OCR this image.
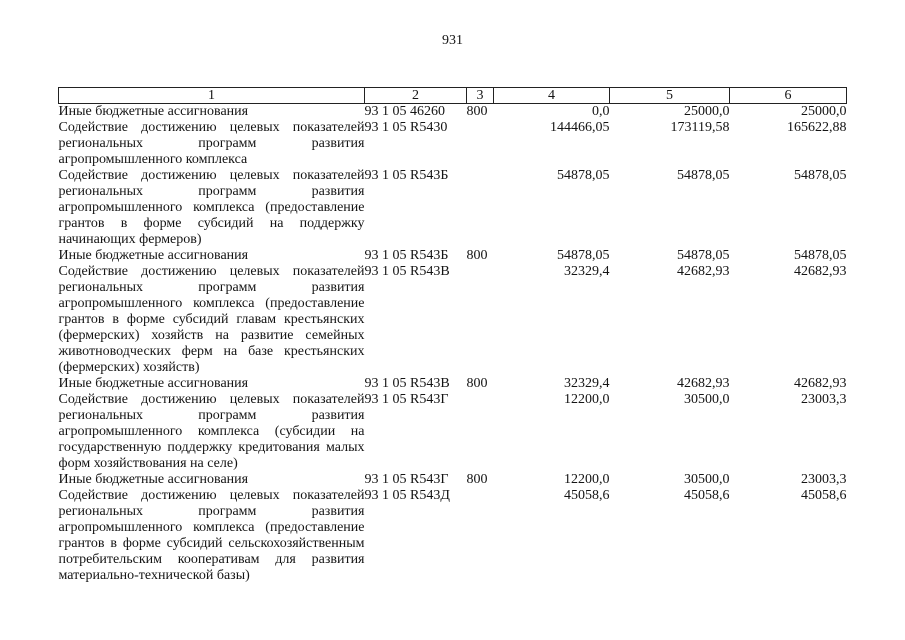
931
1	2	3	4	5	6
Иные бюджетные ассигнования	93 1 05 46260	800	0,0	25000,0	25000,0
Содействие достижению целевых показателей региональных программ развития агропромышленного комплекса	93 1 05 R5430		144466,05	173119,58	165622,88
Содействие достижению целевых показателей региональных программ развития агропромышленного комплекса (предоставление грантов в форме субсидий на поддержку начинающих фермеров)	93 1 05 R543Б		54878,05	54878,05	54878,05
Иные бюджетные ассигнования	93 1 05 R543Б	800	54878,05	54878,05	54878,05
Содействие достижению целевых показателей региональных программ развития агропромышленного комплекса (предоставление грантов в форме субсидий главам крестьянских (фермерских) хозяйств на развитие семейных животноводческих ферм на базе крестьянских (фермерских) хозяйств)	93 1 05 R543В		32329,4	42682,93	42682,93
Иные бюджетные ассигнования	93 1 05 R543В	800	32329,4	42682,93	42682,93
Содействие достижению целевых показателей региональных программ развития агропромышленного комплекса (субсидии на государственную поддержку кредитования малых форм хозяйствования на селе)	93 1 05 R543Г		12200,0	30500,0	23003,3
Иные бюджетные ассигнования	93 1 05 R543Г	800	12200,0	30500,0	23003,3
Содействие достижению целевых показателей региональных программ развития агропромышленного комплекса (предоставление грантов в форме субсидий сельскохозяйственным потребительским кооперативам для развития материально-технической базы)	93 1 05 R543Д		45058,6	45058,6	45058,6
